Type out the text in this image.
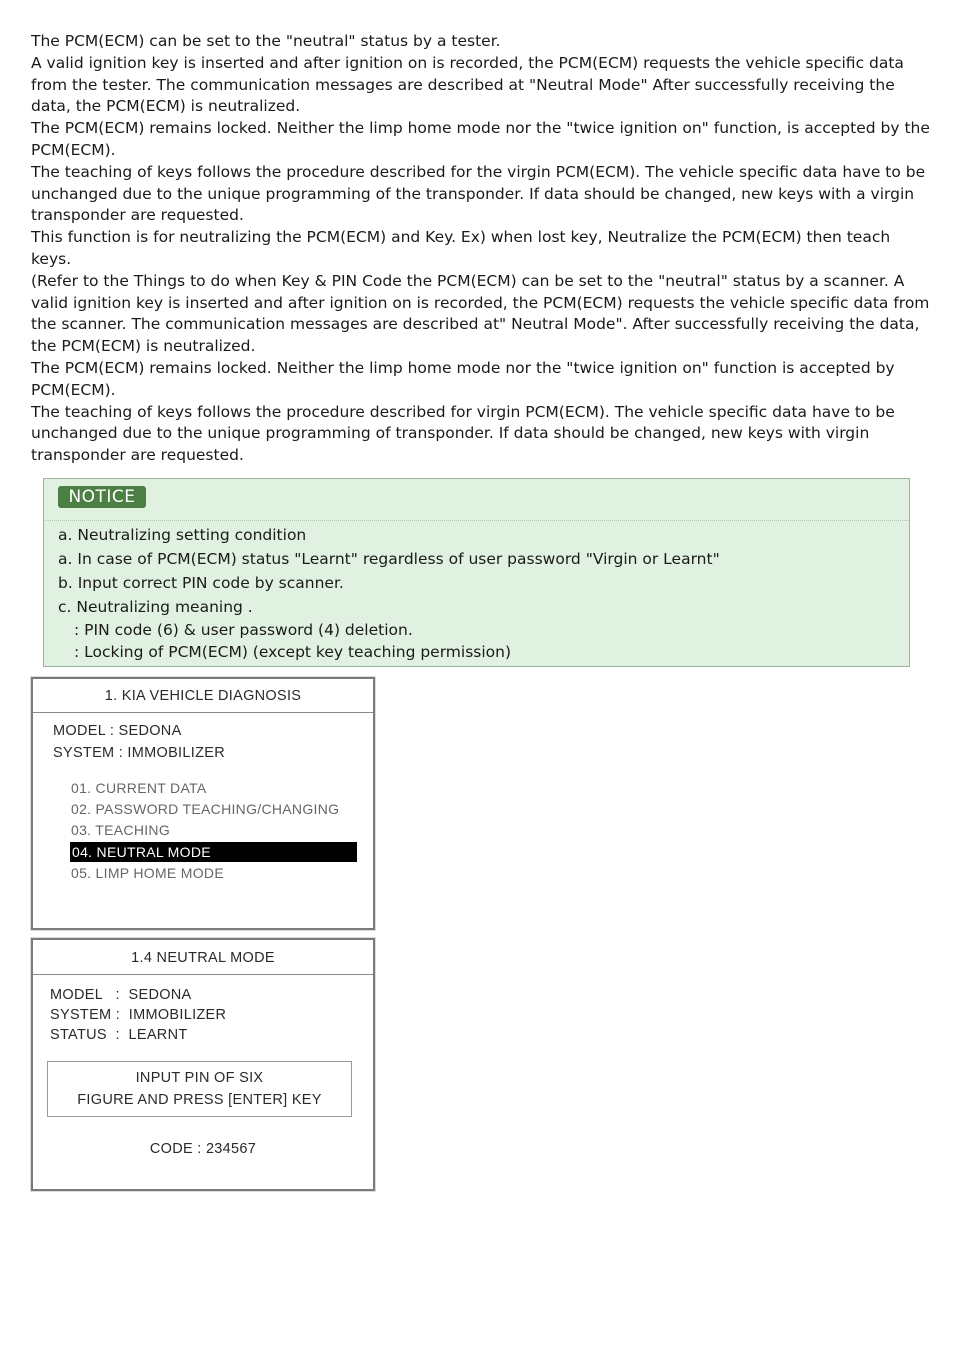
The PCM(ECM) can be set to the "neutral" status by a tester.

A valid ignition key is inserted and after ignition on is recorded, the PCM(ECM) requests the vehicle specific data from the tester. The communication messages are described at "Neutral Mode" After successfully receiving the data, the PCM(ECM) is neutralized.

The PCM(ECM) remains locked. Neither the limp home mode nor the "twice ignition on" function, is accepted by the PCM(ECM).

The teaching of keys follows the procedure described for the virgin PCM(ECM). The vehicle specific data have to be unchanged due to the unique programming of the transponder. If data should be changed, new keys with a virgin transponder are requested.

This function is for neutralizing the PCM(ECM) and Key. Ex) when lost key, Neutralize the PCM(ECM) then teach keys.

(Refer to the Things to do when Key & PIN Code the PCM(ECM) can be set to the "neutral" status by a scanner. A valid ignition key is inserted and after ignition on is recorded, the PCM(ECM) requests the vehicle specific data from the scanner. The communication messages are described at" Neutral Mode". After successfully receiving the data, the PCM(ECM) is neutralized.

The PCM(ECM) remains locked. Neither the limp home mode nor the "twice ignition on" function is accepted by PCM(ECM).

The teaching of keys follows the procedure described for virgin PCM(ECM). The vehicle specific data have to be unchanged due to the unique programming of transponder. If data should be changed, new keys with virgin transponder are requested.

NOTICE
a. Neutralizing setting condition
a. In case of PCM(ECM) status "Learnt" regardless of user password "Virgin or Learnt"
b. Input correct PIN code by scanner.
c. Neutralizing meaning .
: PIN code (6) & user password (4) deletion.
: Locking of PCM(ECM) (except key teaching permission)
1. KIA VEHICLE DIAGNOSIS
MODEL : SEDONA
SYSTEM : IMMOBILIZER
01. CURRENT DATA
02. PASSWORD TEACHING/CHANGING
03. TEACHING
04. NEUTRAL MODE
05. LIMP HOME MODE
1.4 NEUTRAL MODE
MODEL   :  SEDONA
SYSTEM :  IMMOBILIZER
STATUS  :  LEARNT
INPUT PIN OF SIX
FIGURE AND PRESS [ENTER] KEY
CODE : 234567
